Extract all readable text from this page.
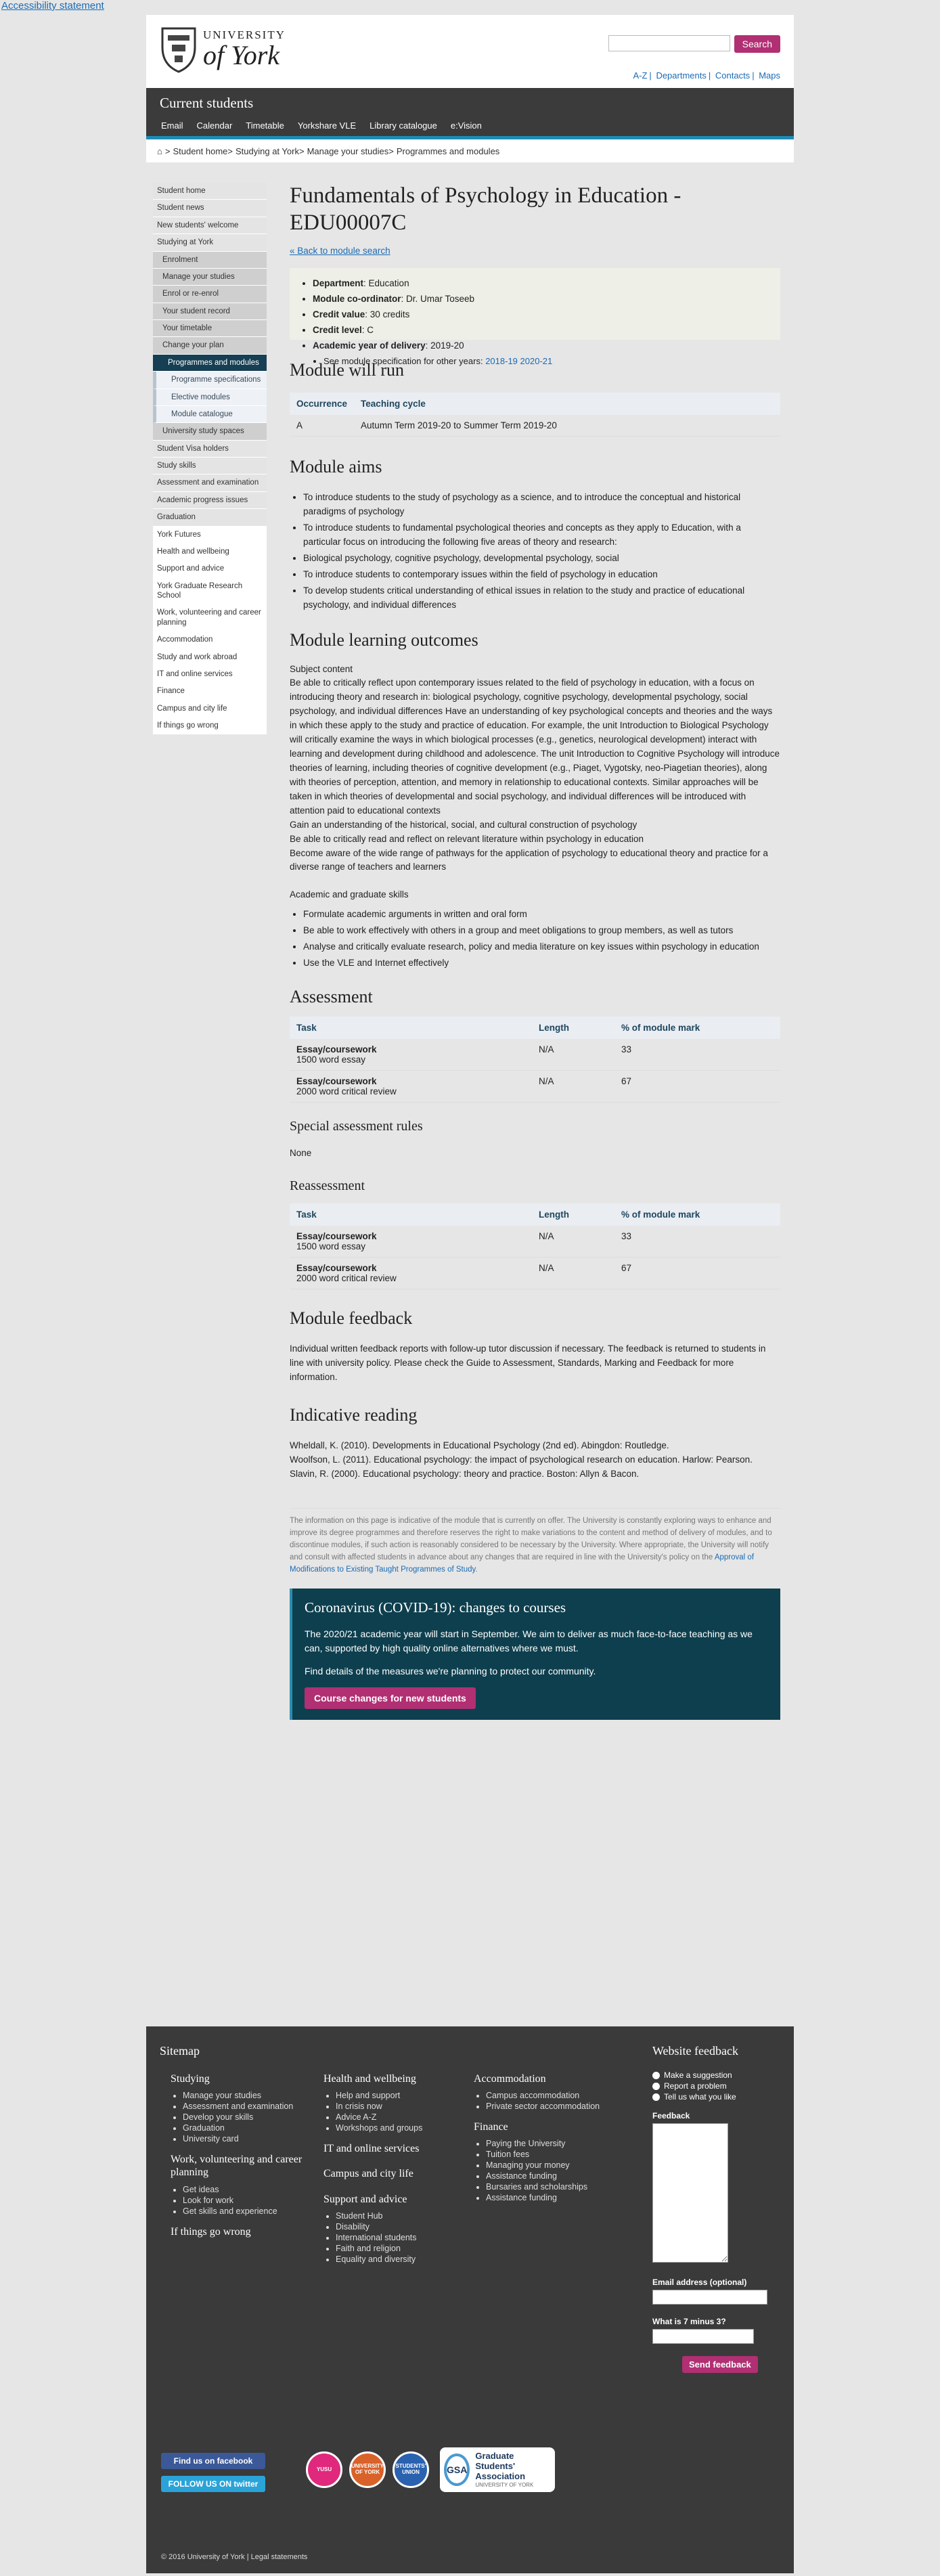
Accessibility statement
UNIVERSITY
of York	Search
A-Z | Departments | Contacts | Maps
Current students
Email Calendar Timetable Yorkshare VLE Library catalogue e:Vision
⌂ > Student home > Studying at York > Manage your studies > Programmes and modules
Student home
Student news
New students' welcome
Studying at York
Enrolment
Manage your studies
Enrol or re-enrol
Your student record
Your timetable
Change your plan
Programmes and modules
Programme specifications
Elective modules
Module catalogue
University study spaces
Student Visa holders
Study skills
Assessment and examination
Academic progress issues
Graduation
York Futures
Health and wellbeing
Support and advice
York Graduate Research School
Work, volunteering and career planning
Accommodation
Study and work abroad
IT and online services
Finance
Campus and city life
If things go wrong
Fundamentals of Psychology in Education - EDU00007C
« Back to module search
• Department: Education
• Module co-ordinator: Dr. Umar Toseeb
• Credit value: 30 credits
• Credit level: C
• Academic year of delivery: 2019-20
• See module specification for other years: 2018-19 2020-21
Module will run
Occurrence	Teaching cycle
A	Autumn Term 2019-20 to Summer Term 2019-20
Module aims
• To introduce students to the study of psychology as a science, and to introduce the conceptual and historical paradigms of psychology
• To introduce students to fundamental psychological theories and concepts as they apply to Education, with a particular focus on introducing the following five areas of theory and research:
• Biological psychology, cognitive psychology, developmental psychology, social
• To introduce students to contemporary issues within the field of psychology in education
• To develop students critical understanding of ethical issues in relation to the study and practice of educational psychology, and individual differences
Module learning outcomes

Subject content

Be able to critically reflect upon contemporary issues related to the field of psychology in education, with a focus on introducing theory and research in: biological psychology, cognitive psychology, developmental psychology, social psychology, and individual differences Have an understanding of key psychological concepts and theories and the ways in which these apply to the study and practice of education. For example, the unit Introduction to Biological Psychology will critically examine the ways in which biological processes (e.g., genetics, neurological development) interact with learning and development during childhood and adolescence. The unit Introduction to Cognitive Psychology will introduce theories of learning, including theories of cognitive development (e.g., Piaget, Vygotsky, neo-Piagetian theories), along with theories of perception, attention, and memory in relationship to educational contexts. Similar approaches will be taken in which theories of developmental and social psychology, and individual differences will be introduced with attention paid to educational contexts

Gain an understanding of the historical, social, and cultural construction of psychology

Be able to critically read and reflect on relevant literature within psychology in education

Become aware of the wide range of pathways for the application of psychology to educational theory and practice for a diverse range of teachers and learners

Academic and graduate skills

• Formulate academic arguments in written and oral form
• Be able to work effectively with others in a group and meet obligations to group members, as well as tutors
• Analyse and critically evaluate research, policy and media literature on key issues within psychology in education
• Use the VLE and Internet effectively
Assessment
Task	Length	% of module mark
Essay/coursework
1500 word essay	N/A	33
Essay/coursework
2000 word critical review	N/A	67
Special assessment rules

None

Reassessment
Task	Length	% of module mark
Essay/coursework
1500 word essay	N/A	33
Essay/coursework
2000 word critical review	N/A	67
Module feedback

Individual written feedback reports with follow-up tutor discussion if necessary. The feedback is returned to students in line with university policy. Please check the Guide to Assessment, Standards, Marking and Feedback for more information.

Indicative reading

Wheldall, K. (2010). Developments in Educational Psychology (2nd ed). Abingdon: Routledge.

Woolfson, L. (2011). Educational psychology: the impact of psychological research on education. Harlow: Pearson.

Slavin, R. (2000). Educational psychology: theory and practice. Boston: Allyn & Bacon.

The information on this page is indicative of the module that is currently on offer. The University is constantly exploring ways to enhance and improve its degree programmes and therefore reserves the right to make variations to the content and method of delivery of modules, and to discontinue modules, if such action is reasonably considered to be necessary by the University. Where appropriate, the University will notify and consult with affected students in advance about any changes that are required in line with the University's policy on the Approval of Modifications to Existing Taught Programmes of Study.

Coronavirus (COVID-19): changes to courses

The 2020/21 academic year will start in September. We aim to deliver as much face-to-face teaching as we can, supported by high quality online alternatives where we must.

Find details of the measures we're planning to protect our community.

Course changes for new students
Sitemap
Studying
• Manage your studies
• Assessment and examination
• Develop your skills
• Graduation
• University card
Work, volunteering and career planning
• Get ideas
• Look for work
• Get skills and experience
If things go wrong
Health and wellbeing
• Help and support
• In crisis now
• Advice A-Z
• Workshops and groups
IT and online services
Campus and city life
Support and advice
• Student Hub
• Disability
• International students
• Faith and religion
• Equality and diversity
Accommodation
• Campus accommodation
• Private sector accommodation
Finance
• Paying the University
• Tuition fees
• Managing your money
• Assistance funding
• Bursaries and scholarships
• Assistance funding
Website feedback
Make a suggestion
Report a problem
Tell us what you like
Feedback
Email address (optional)
What is 7 minus 3?
Send feedback
Find us on facebook
FOLLOW US ON twitter
YUSU	UNIVERSITY OF YORK
STUDENTS' UNION	GSA
Graduate Students' Association
UNIVERSITY OF YORK
© 2016 University of York | Legal statements
